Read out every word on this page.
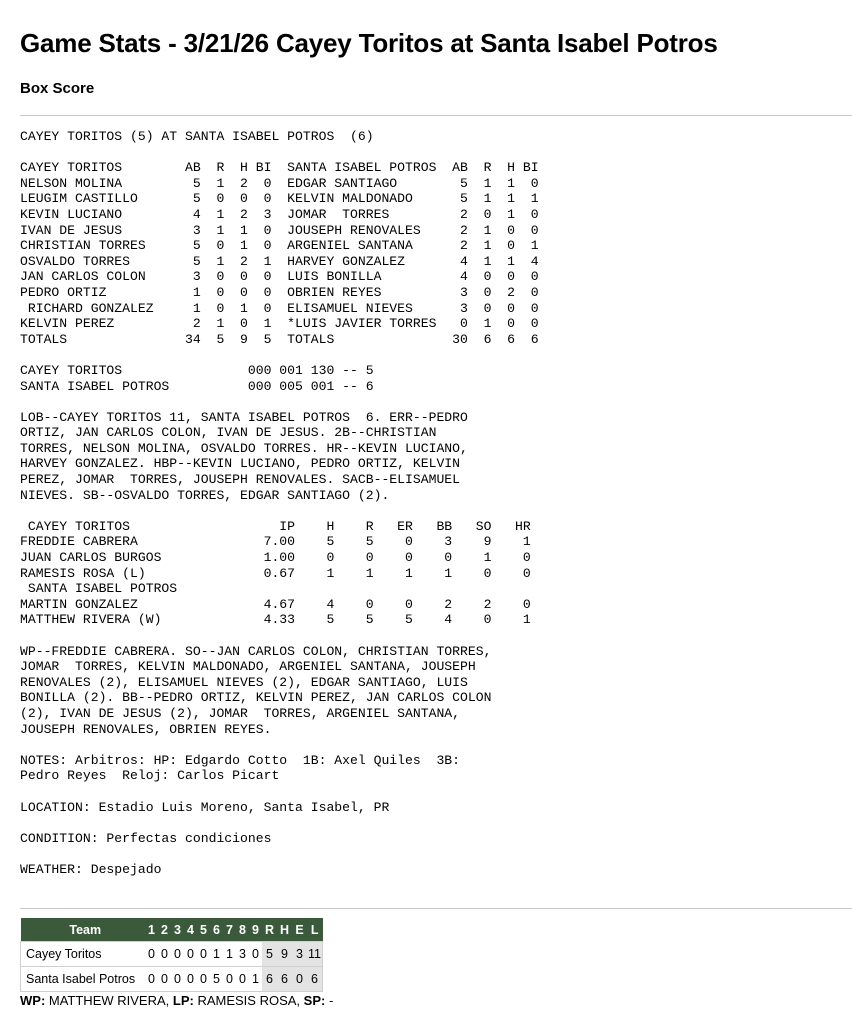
Game Stats - 3/21/26 Cayey Toritos at Santa Isabel Potros
Box Score
CAYEY TORITOS (5) AT SANTA ISABEL POTROS  (6)

CAYEY TORITOS        AB  R  H BI  SANTA ISABEL POTROS  AB  R  H BI
NELSON MOLINA         5  1  2  0  EDGAR SANTIAGO        5  1  1  0
LEUGIM CASTILLO       5  0  0  0  KELVIN MALDONADO      5  1  1  1
KEVIN LUCIANO         4  1  2  3  JOMAR  TORRES         2  0  1  0
IVAN DE JESUS         3  1  1  0  JOUSEPH RENOVALES     2  1  0  0
CHRISTIAN TORRES      5  0  1  0  ARGENIEL SANTANA      2  1  0  1
OSVALDO TORRES        5  1  2  1  HARVEY GONZALEZ       4  1  1  4
JAN CARLOS COLON      3  0  0  0  LUIS BONILLA          4  0  0  0
PEDRO ORTIZ           1  0  0  0  OBRIEN REYES          3  0  2  0
RICHARD GONZALEZ     1  0  1  0  ELISAMUEL NIEVES      3  0  0  0
KELVIN PEREZ          2  1  0  1  *LUIS JAVIER TORRES   0  1  0  0
TOTALS               34  5  9  5  TOTALS               30  6  6  6

CAYEY TORITOS                000 001 130 -- 5
SANTA ISABEL POTROS          000 005 001 -- 6

LOB--CAYEY TORITOS 11, SANTA ISABEL POTROS  6. ERR--PEDRO
ORTIZ, JAN CARLOS COLON, IVAN DE JESUS. 2B--CHRISTIAN
TORRES, NELSON MOLINA, OSVALDO TORRES. HR--KEVIN LUCIANO,
HARVEY GONZALEZ. HBP--KEVIN LUCIANO, PEDRO ORTIZ, KELVIN
PEREZ, JOMAR  TORRES, JOUSEPH RENOVALES. SACB--ELISAMUEL
NIEVES. SB--OSVALDO TORRES, EDGAR SANTIAGO (2).

CAYEY TORITOS                   IP    H    R   ER   BB   SO   HR
FREDDIE CABRERA                7.00    5    5    0    3    9    1
JUAN CARLOS BURGOS             1.00    0    0    0    0    1    0
RAMESIS ROSA (L)               0.67    1    1    1    1    0    0
SANTA ISABEL POTROS
MARTIN GONZALEZ                4.67    4    0    0    2    2    0
MATTHEW RIVERA (W)             4.33    5    5    5    4    0    1

WP--FREDDIE CABRERA. SO--JAN CARLOS COLON, CHRISTIAN TORRES,
JOMAR  TORRES, KELVIN MALDONADO, ARGENIEL SANTANA, JOUSEPH
RENOVALES (2), ELISAMUEL NIEVES (2), EDGAR SANTIAGO, LUIS
BONILLA (2). BB--PEDRO ORTIZ, KELVIN PEREZ, JAN CARLOS COLON
(2), IVAN DE JESUS (2), JOMAR  TORRES, ARGENIEL SANTANA,
JOUSEPH RENOVALES, OBRIEN REYES.

NOTES: Arbitros: HP: Edgardo Cotto  1B: Axel Quiles  3B:
Pedro Reyes  Reloj: Carlos Picart

LOCATION: Estadio Luis Moreno, Santa Isabel, PR

CONDITION: Perfectas condiciones

WEATHER: Despejado
Team	1	2	3	4	5	6	7	8	9	R	H	E	L
Cayey Toritos	0	0	0	0	0	1	1	3	0	5	9	3	11
Santa Isabel Potros	0	0	0	0	0	5	0	0	1	6	6	0	6
WP: MATTHEW RIVERA, LP: RAMESIS ROSA, SP: -
